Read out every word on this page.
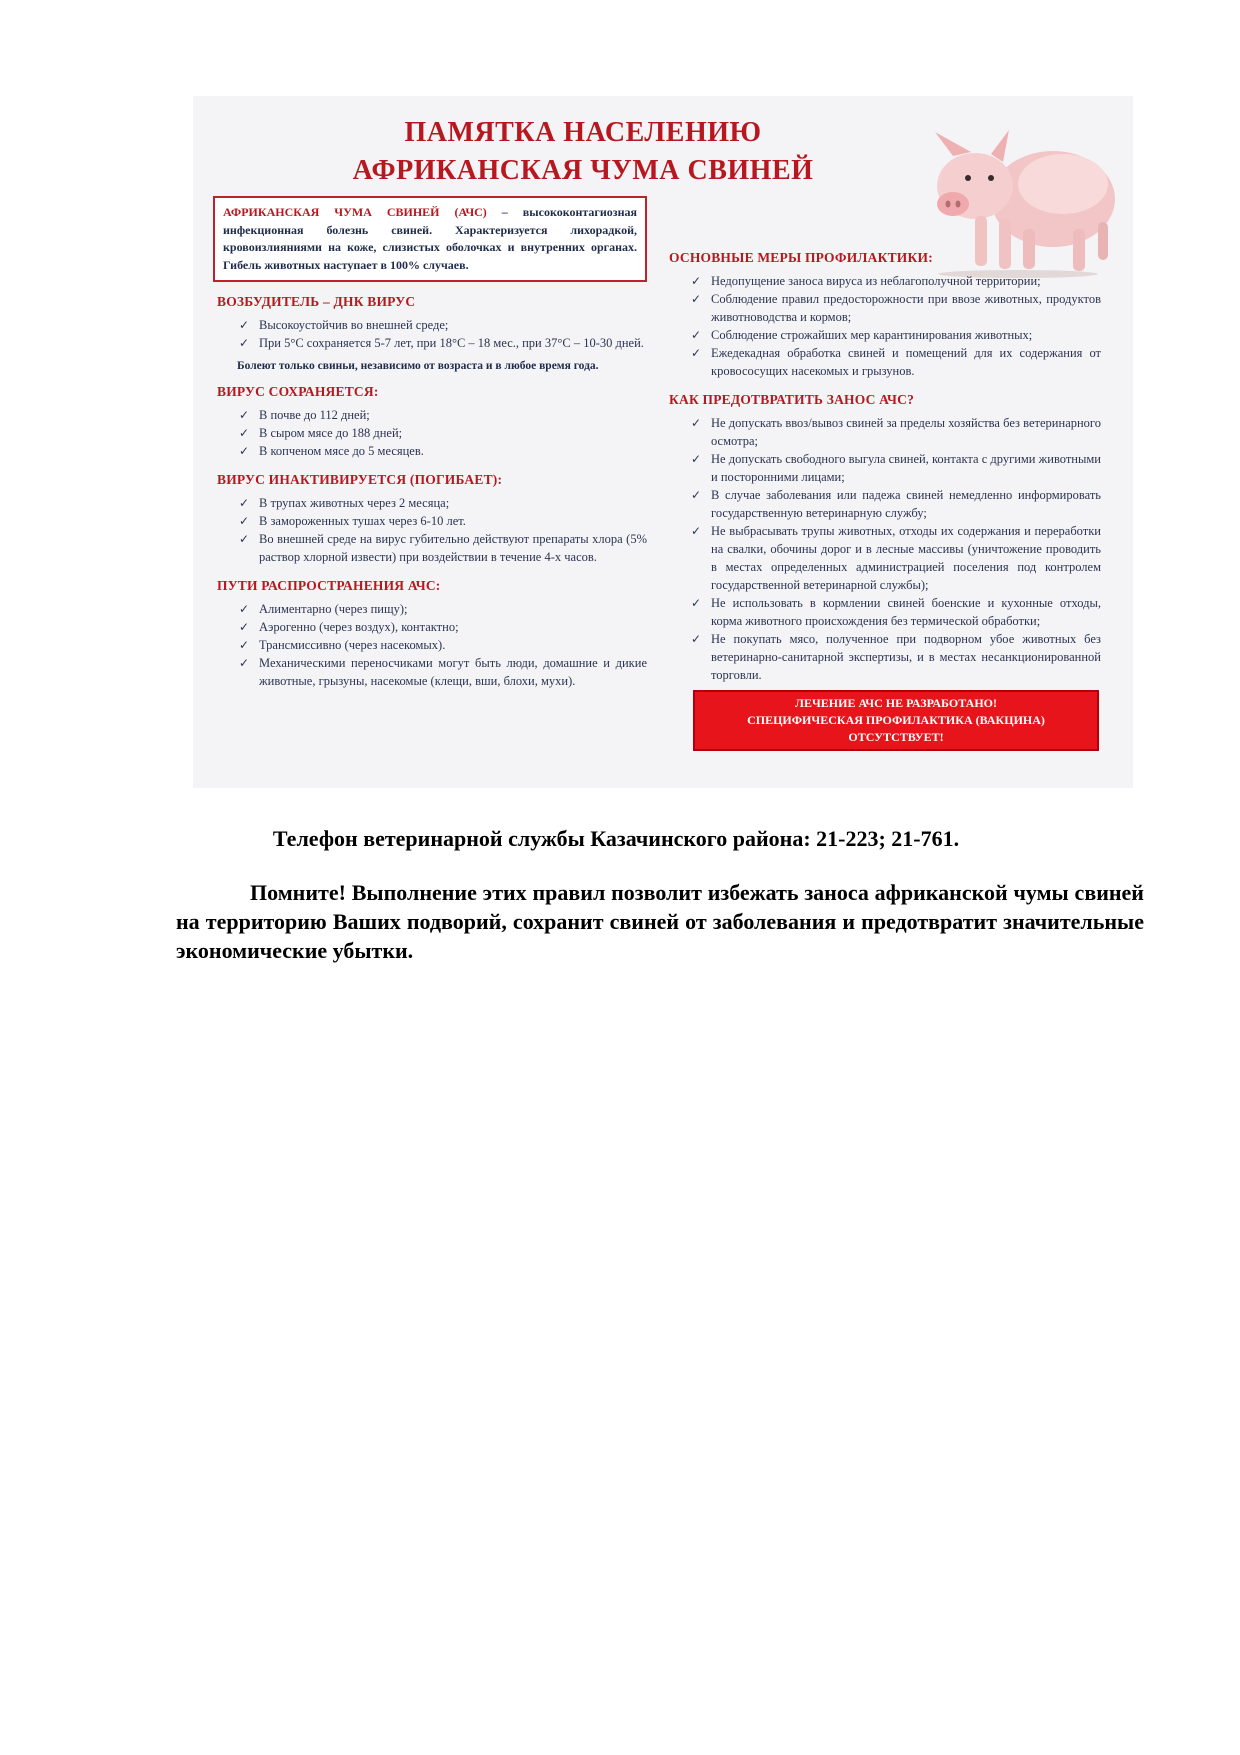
ПАМЯТКА НАСЕЛЕНИЮ
АФРИКАНСКАЯ ЧУМА СВИНЕЙ
АФРИКАНСКАЯ ЧУМА СВИНЕЙ (АЧС) – высококонтагиозная инфекционная болезнь свиней. Характеризуется лихорадкой, кровоизлияниями на коже, слизистых оболочках и внутренних органах. Гибель животных наступает в 100% случаев.
ВОЗБУДИТЕЛЬ – ДНК ВИРУС
✓ Высокоустойчив во внешней среде;
✓ При 5°С сохраняется 5-7 лет, при 18°С – 18 мес., при 37°С – 10-30 дней.
Болеют только свиньи, независимо от возраста и в любое время года.
ВИРУС СОХРАНЯЕТСЯ:
✓ В почве до 112 дней;
✓ В сыром мясе до 188 дней;
✓ В копченом мясе до 5 месяцев.
ВИРУС ИНАКТИВИРУЕТСЯ (ПОГИБАЕТ):
✓ В трупах животных через 2 месяца;
✓ В замороженных тушах через 6-10 лет.
✓ Во внешней среде на вирус губительно действуют препараты хлора (5% раствор хлорной извести) при воздействии в течение 4-х часов.
ПУТИ РАСПРОСТРАНЕНИЯ АЧС:
✓ Алиментарно (через пищу);
✓ Аэрогенно (через воздух), контактно;
✓ Трансмиссивно (через насекомых).
✓ Механическими переносчиками могут быть люди, домашние и дикие животные, грызуны, насекомые (клещи, вши, блохи, мухи).
ОСНОВНЫЕ МЕРЫ ПРОФИЛАКТИКИ:
✓ Недопущение заноса вируса из неблагополучной территории;
✓ Соблюдение правил предосторожности при ввозе животных, продуктов животноводства и кормов;
✓ Соблюдение строжайших мер карантинирования животных;
✓ Ежедекадная обработка свиней и помещений для их содержания от кровососущих насекомых и грызунов.
КАК ПРЕДОТВРАТИТЬ ЗАНОС АЧС?
✓ Не допускать ввоз/вывоз свиней за пределы хозяйства без ветеринарного осмотра;
✓ Не допускать свободного выгула свиней, контакта с другими животными и посторонними лицами;
✓ В случае заболевания или падежа свиней немедленно информировать государственную ветеринарную службу;
✓ Не выбрасывать трупы животных, отходы их содержания и переработки на свалки, обочины дорог и в лесные массивы (уничтожение проводить в местах определенных администрацией поселения под контролем государственной ветеринарной службы);
✓ Не использовать в кормлении свиней боенские и кухонные отходы, корма животного происхождения без термической обработки;
✓ Не покупать мясо, полученное при подворном убое животных без ветеринарно-санитарной экспертизы, и в местах несанкционированной торговли.
ЛЕЧЕНИЕ АЧС НЕ РАЗРАБОТАНО!
СПЕЦИФИЧЕСКАЯ ПРОФИЛАКТИКА (ВАКЦИНА)
ОТСУТСТВУЕТ!
Телефон ветеринарной службы Казачинского района: 21-223; 21-761.
Помните! Выполнение этих правил позволит избежать заноса африканской чумы свиней на территорию Ваших подворий, сохранит свиней от заболевания и предотвратит значительные экономические убытки.
